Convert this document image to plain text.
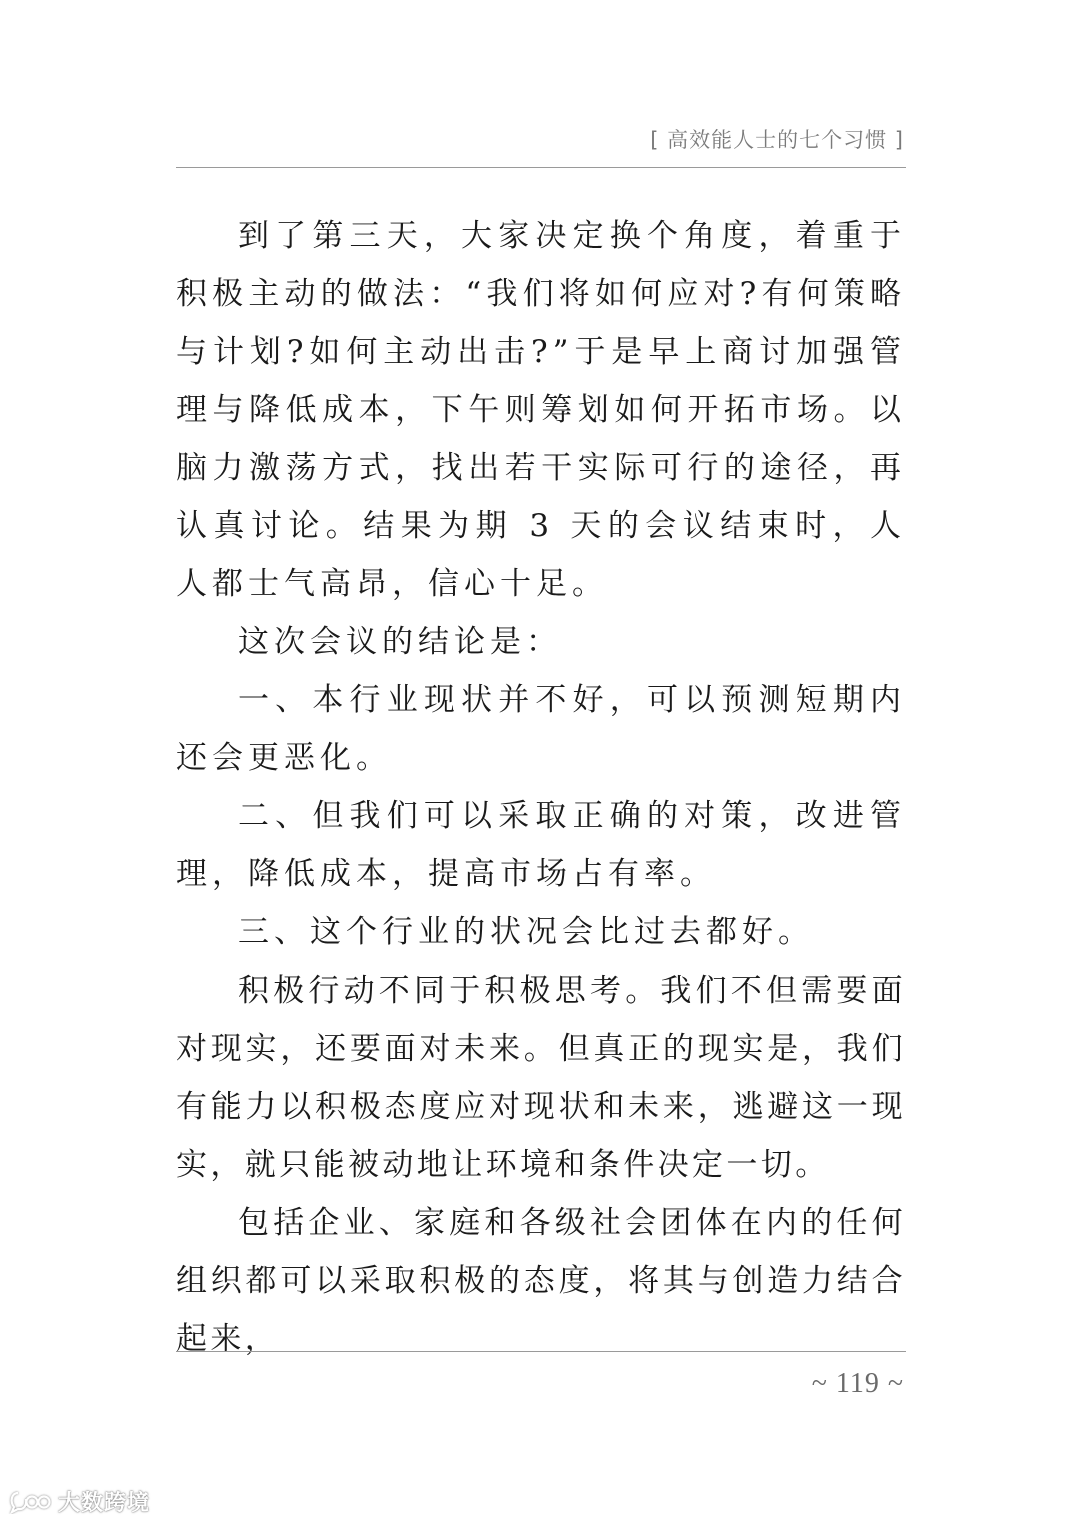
[ 高效能人士的七个习惯 ]

到了第三天，大家决定换个角度，着重于积极主动的做法：“我们将如何应对?有何策略与计划?如何主动出击?”于是早上商讨加强管理与降低成本，下午则筹划如何开拓市场。以脑力激荡方式，找出若干实际可行的途径，再认真讨论。结果为期 3 天的会议结束时，人人都士气高昂，信心十足。

这次会议的结论是：

一、本行业现状并不好，可以预测短期内还会更恶化。

二、但我们可以采取正确的对策，改进管理，降低成本，提高市场占有率。

三、这个行业的状况会比过去都好。

积极行动不同于积极思考。我们不但需要面对现实，还要面对未来。但真正的现实是，我们有能力以积极态度应对现状和未来，逃避这一现实，就只能被动地让环境和条件决定一切。

包括企业、家庭和各级社会团体在内的任何组织都可以采取积极的态度，将其与创造力结合起来，

~ 119 ~
大数跨境
